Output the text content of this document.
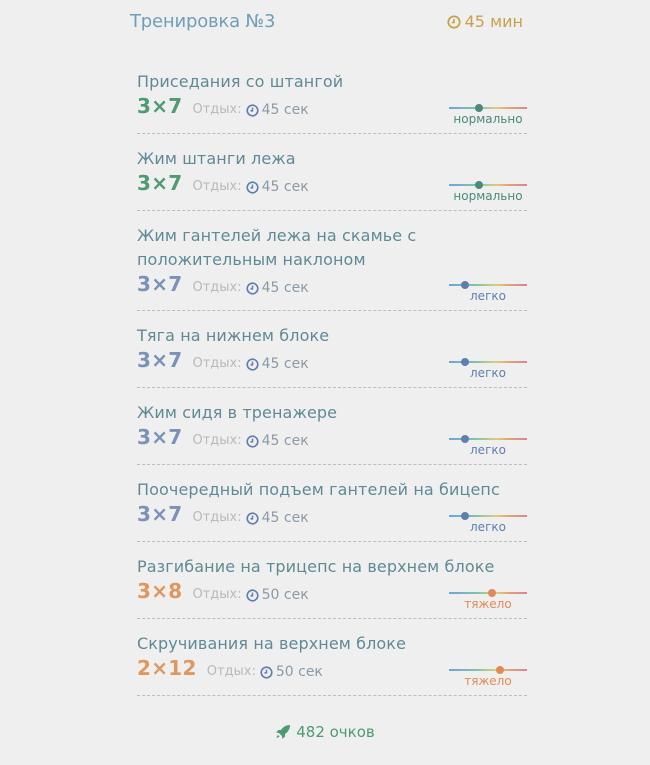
Тренировка №3	45 мин
Приседания со штангой
3×7 Отдых: 45 сек
нормально
Жим штанги лежа
3×7 Отдых: 45 сек
нормально
Жим гантелей лежа на скамье с положительным наклоном
3×7 Отдых: 45 сек
легко
Тяга на нижнем блоке
3×7 Отдых: 45 сек
легко
Жим сидя в тренажере
3×7 Отдых: 45 сек
легко
Поочередный подъем гантелей на бицепс
3×7 Отдых: 45 сек
легко
Разгибание на трицепс на верхнем блоке
3×8 Отдых: 50 сек
тяжело
Скручивания на верхнем блоке
2×12 Отдых: 50 сек
тяжело
482 очков
